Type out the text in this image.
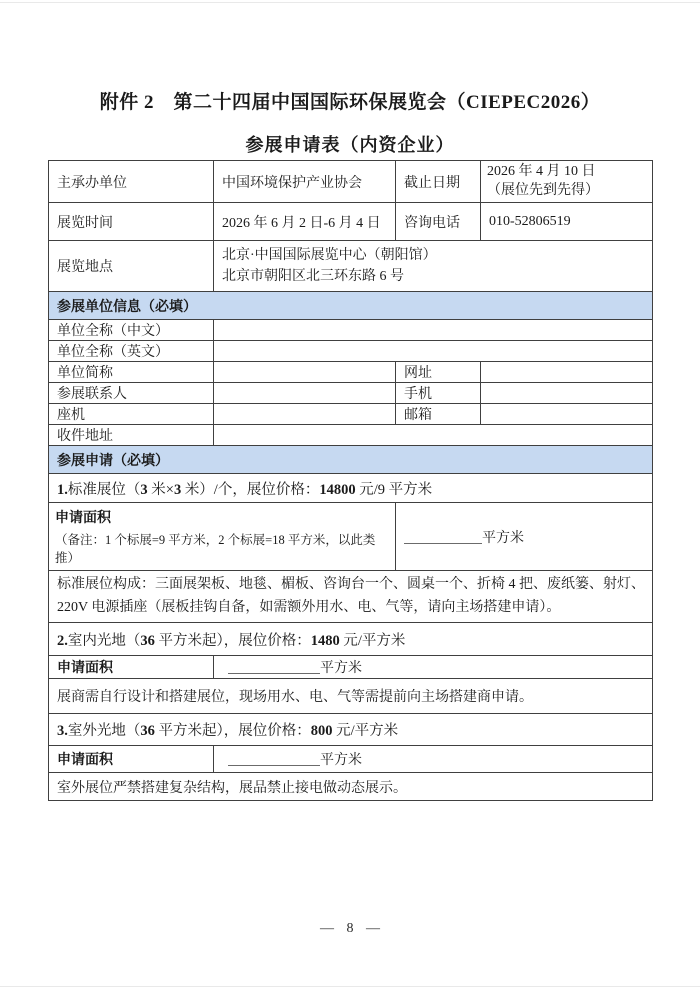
附件 2　第二十四届中国国际环保展览会（CIEPEC2026）
参展申请表（内资企业）
主承办单位	中国环境保护产业协会	截止日期	2026 年 4 月 10 日
（展位先到先得）

展览时间	2026 年 6 月 2 日-6 月 4 日	咨询电话	010-52806519
展览地点	北京·中国国际展览中心（朝阳馆）
北京市朝阳区北三环东路 6 号		

参展单位信息（必填）			
单位全称（中文）			
单位全称（英文）			
单位简称		网址	
参展联系人		手机	
座机		邮箱	
收件地址			
参展申请（必填）			
1.标准展位（3 米×3 米）/个，展位价格：14800 元/9 平方米			

申请面积
（备注：1 个标展=9 平方米，2 个标展=18 平方米，以此类推）		平方米	
标准展位构成：三面展架板、地毯、楣板、咨询台一个、圆桌一个、折椅 4 把、废纸篓、射灯、220V 电源插座（展板挂钩自备，如需额外用水、电、气等，请向主场搭建申请）。			
2.室内光地（36 平方米起），展位价格：1480 元/平方米			
申请面积	平方米		
展商需自行设计和搭建展位，现场用水、电、气等需提前向主场搭建商申请。			
3.室外光地（36 平方米起），展位价格：800 元/平方米			
申请面积	平方米		
室外展位严禁搭建复杂结构，展品禁止接电做动态展示。			
— 8 —
